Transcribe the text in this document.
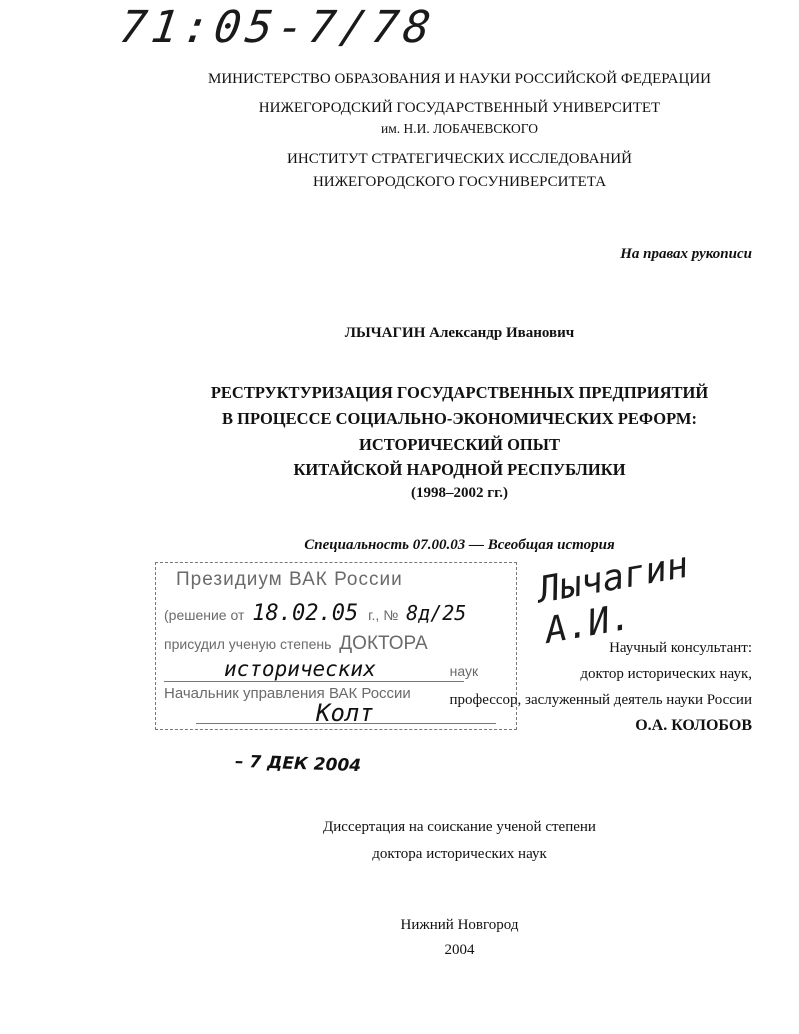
71:05-7/78
МИНИСТЕРСТВО ОБРАЗОВАНИЯ И НАУКИ РОССИЙСКОЙ ФЕДЕРАЦИИ
НИЖЕГОРОДСКИЙ ГОСУДАРСТВЕННЫЙ УНИВЕРСИТЕТ
им. Н.И. ЛОБАЧЕВСКОГО
ИНСТИТУТ СТРАТЕГИЧЕСКИХ ИССЛЕДОВАНИЙ
НИЖЕГОРОДСКОГО ГОСУНИВЕРСИТЕТА
На правах рукописи
ЛЫЧАГИН Александр Иванович
РЕСТРУКТУРИЗАЦИЯ ГОСУДАРСТВЕННЫХ ПРЕДПРИЯТИЙ
В ПРОЦЕССЕ СОЦИАЛЬНО-ЭКОНОМИЧЕСКИХ РЕФОРМ:
ИСТОРИЧЕСКИЙ ОПЫТ
КИТАЙСКОЙ НАРОДНОЙ РЕСПУБЛИКИ
(1998–2002 гг.)
Специальность 07.00.03 — Всеобщая история
Лычагин А.И.
Президиум ВАК России
(решение от 18.02.05 г., № 8д/25
присудил ученую степень ДОКТОРА
исторических	наук
Начальник управления ВАК России
Колт
– 7 ДЕК 2004
Научный консультант:
доктор исторических наук,
профессор, заслуженный деятель науки России
О.А. КОЛОБОВ
Диссертация на соискание ученой степени
доктора исторических наук
Нижний Новгород
2004
